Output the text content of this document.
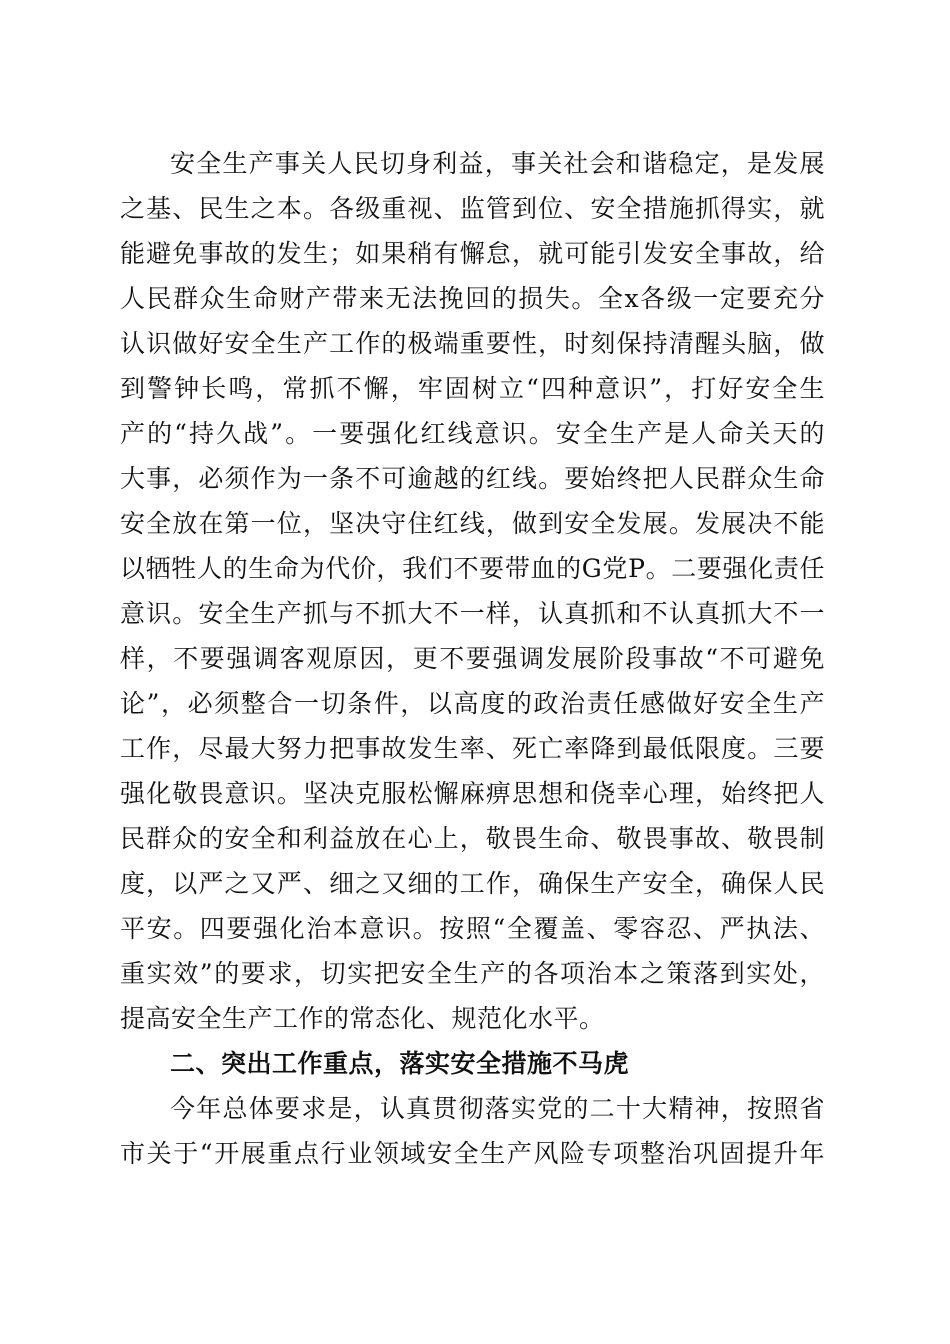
安全生产事关人民切身利益，事关社会和谐稳定，是发展
之基、民生之本。各级重视、监管到位、安全措施抓得实，就
能避免事故的发生；如果稍有懈怠，就可能引发安全事故，给
人民群众生命财产带来无法挽回的损失。全x各级一定要充分
认识做好安全生产工作的极端重要性，时刻保持清醒头脑，做
到警钟长鸣，常抓不懈，牢固树立“四种意识”，打好安全生
产的“持久战”。一要强化红线意识。安全生产是人命关天的
大事，必须作为一条不可逾越的红线。要始终把人民群众生命
安全放在第一位，坚决守住红线，做到安全发展。发展决不能
以牺牲人的生命为代价，我们不要带血的G党P。二要强化责任
意识。安全生产抓与不抓大不一样，认真抓和不认真抓大不一
样，不要强调客观原因，更不要强调发展阶段事故“不可避免
论”，必须整合一切条件，以高度的政治责任感做好安全生产
工作，尽最大努力把事故发生率、死亡率降到最低限度。三要
强化敬畏意识。坚决克服松懈麻痹思想和侥幸心理，始终把人
民群众的安全和利益放在心上，敬畏生命、敬畏事故、敬畏制
度，以严之又严、细之又细的工作，确保生产安全，确保人民
平安。四要强化治本意识。按照“全覆盖、零容忍、严执法、
重实效”的要求，切实把安全生产的各项治本之策落到实处，
提高安全生产工作的常态化、规范化水平。
二、突出工作重点，落实安全措施不马虎
今年总体要求是，认真贯彻落实党的二十大精神，按照省
市关于“开展重点行业领域安全生产风险专项整治巩固提升年
